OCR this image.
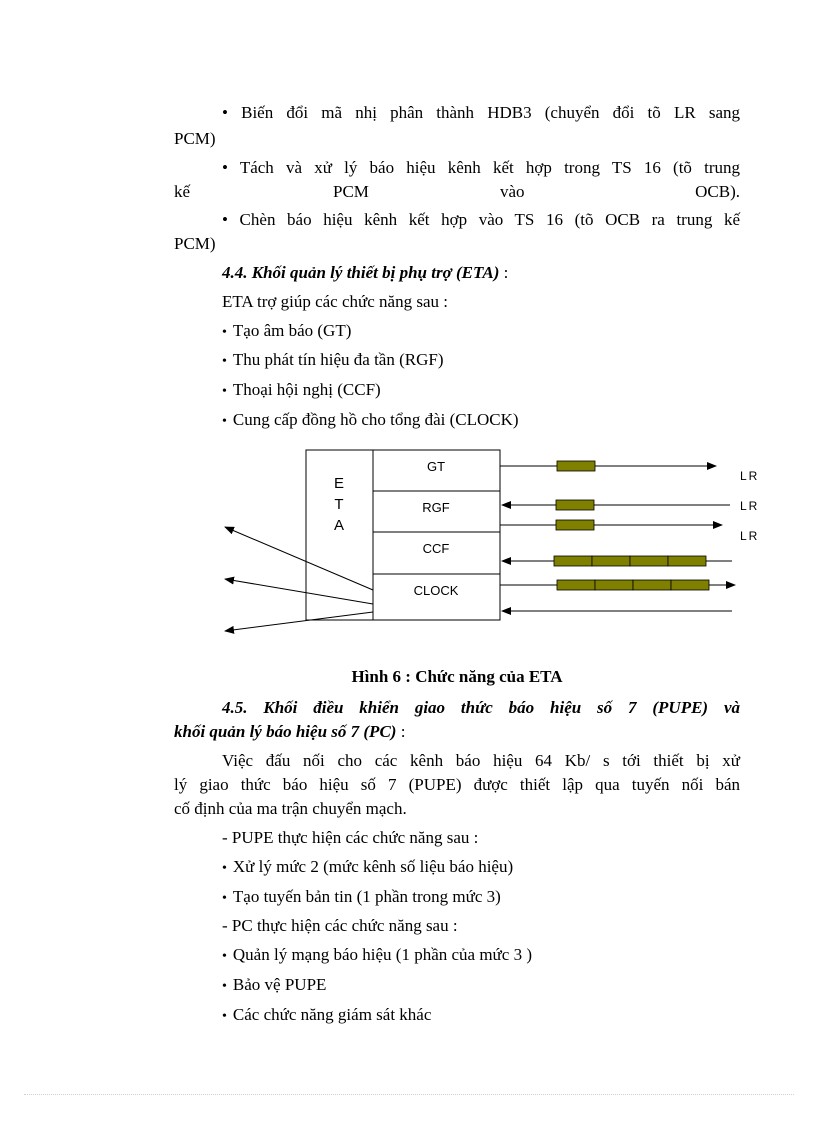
• Biến đổi mã nhị phân thành HDB3 (chuyển đổi tõ LR sang
PCM)
• Tách và xử lý báo hiệu kênh kết hợp trong TS 16 (tõ trung
kế	PCM	vào	OCB).
• Chèn báo hiệu kênh kết hợp vào TS 16 (tõ OCB ra trung kế
PCM)
4.4. Khối quản lý thiết bị phụ trợ (ETA) :
ETA trợ giúp các chức năng sau :
• Tạo âm báo (GT)
• Thu phát tín hiệu đa tần (RGF)
• Thoại hội nghị (CCF)
• Cung cấp đồng hồ cho tổng đài (CLOCK)
E
T
A
GT
RGF
CCF
CLOCK
LR
LR
LR
Hình 6 : Chức năng của ETA
4.5. Khối điều khiển giao thức báo hiệu số 7 (PUPE) và
khối quản lý báo hiệu số 7 (PC) :
Việc đấu nối cho các kênh báo hiệu 64 Kb/ s tới thiết bị xử
lý giao thức báo hiệu số 7 (PUPE) được thiết lập qua tuyến nối bán
cố định của ma trận chuyển mạch.
- PUPE thực hiện các chức năng sau :
• Xử lý mức 2 (mức kênh số liệu báo hiệu)
• Tạo tuyến bản tin (1 phần trong mức 3)
- PC thực hiện các chức năng sau :
• Quản lý mạng báo hiệu (1 phần của mức 3 )
• Bảo vệ PUPE
• Các chức năng giám sát khác
